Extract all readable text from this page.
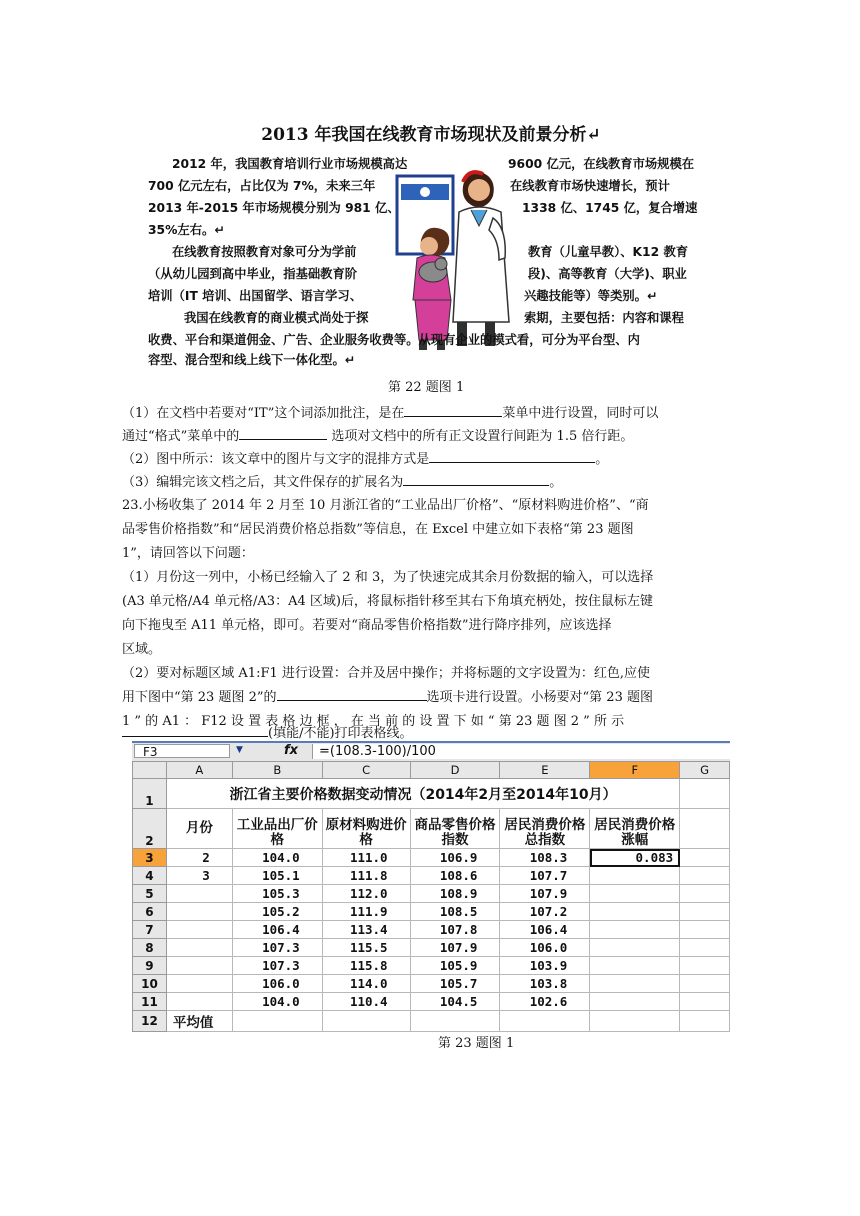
2013 年我国在线教育市场现状及前景分析↵
2012 年，我国教育培训行业市场规模高达
700 亿元左右，占比仅为 7%，未来三年
2013 年-2015 年市场规模分别为 981 亿、
35%左右。↵
在线教育按照教育对象可分为学前
（从幼儿园到高中毕业，指基础教育阶
培训（IT 培训、出国留学、语言学习、
我国在线教育的商业模式尚处于探
9600 亿元，在线教育市场规模在
在线教育市场快速增长，预计
1338 亿、1745 亿，复合增速
教育（儿童早教）、K12 教育
段)、高等教育（大学)、职业
兴趣技能等）等类别。↵
索期，主要包括：内容和课程
收费、平台和渠道佣金、广告、企业服务收费等。从现有企业的模式看，可分为平台型、内
容型、混合型和线上线下一体化型。↵
第 22 题图 1
（1）在文档中若要对“IT”这个词添加批注，是在	菜单中进行设置，同时可以
通过“格式”菜单中的	选项对文档中的所有正文设置行间距为 1.5 倍行距。
（2）图中所示：该文章中的图片与文字的混排方式是	。
（3）编辑完该文档之后，其文件保存的扩展名为	。
23.小杨收集了 2014 年 2 月至 10 月浙江省的“工业品出厂价格”、“原材料购进价格”、“商
品零售价格指数”和“居民消费价格总指数”等信息，在 Excel 中建立如下表格“第 23 题图
1”，请回答以下问题：
（1）月份这一列中，小杨已经输入了 2 和 3，为了快速完成其余月份数据的输入，可以选择
(A3 单元格/A4 单元格/A3：A4 区域)后，将鼠标指针移至其右下角填充柄处，按住鼠标左键
向下拖曳至 A11 单元格，即可。若要对“商品零售价格指数”进行降序排列，应该选择
区域。
（2）要对标题区域 A1:F1 进行设置：合并及居中操作；并将标题的文字设置为：红色,应使
用下图中“第 23 题图 2”的	选项卡进行设置。小杨要对“第 23 题图
1 ” 的 A1 ： F12 设 置 表 格 边 框 ， 在 当 前 的 设 置 下 如 “ 第 23 题 图 2 ” 所 示
(填能/不能)打印表格线。
F3	▼	fx	=(108.3-100)/100
	A	B	C	D	E	F	G
1	浙江省主要价格数据变动情况（2014年2月至2014年10月）						
2	月份	工业品出厂价格	原材料购进价格	商品零售价格指数	居民消费价格总指数	居民消费价格涨幅	
3	2	104.0	111.0	106.9	108.3	0.083	
4	3	105.1	111.8	108.6	107.7		
5		105.3	112.0	108.9	107.9		
6		105.2	111.9	108.5	107.2		
7		106.4	113.4	107.8	106.4		
8		107.3	115.5	107.9	106.0		
9		107.3	115.8	105.9	103.9		
10		106.0	114.0	105.7	103.8		
11		104.0	110.4	104.5	102.6		
12	平均值						
第 23 题图 1
